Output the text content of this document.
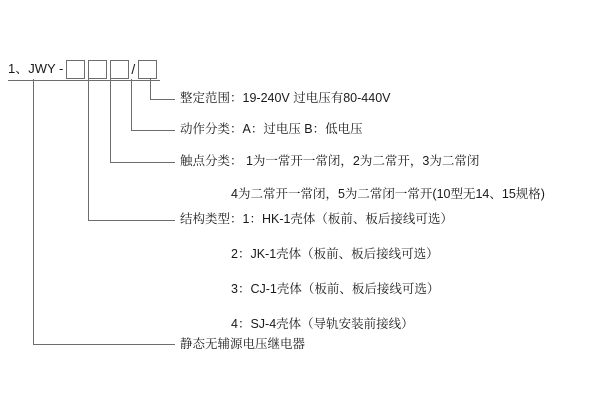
1、JWY -	/
整定范围：19-240V 过电压有80-440V
动作分类：A：过电压 B：低电压
触点分类： 1为一常开一常闭，2为二常开，3为二常闭
4为二常开一常闭，5为二常闭一常开(10型无14、15规格)
结构类型：1：HK-1壳体（板前、板后接线可选）
2：JK-1壳体（板前、板后接线可选）
3：CJ-1壳体（板前、板后接线可选）
4：SJ-4壳体（导轨安装前接线）
静态无辅源电压继电器
